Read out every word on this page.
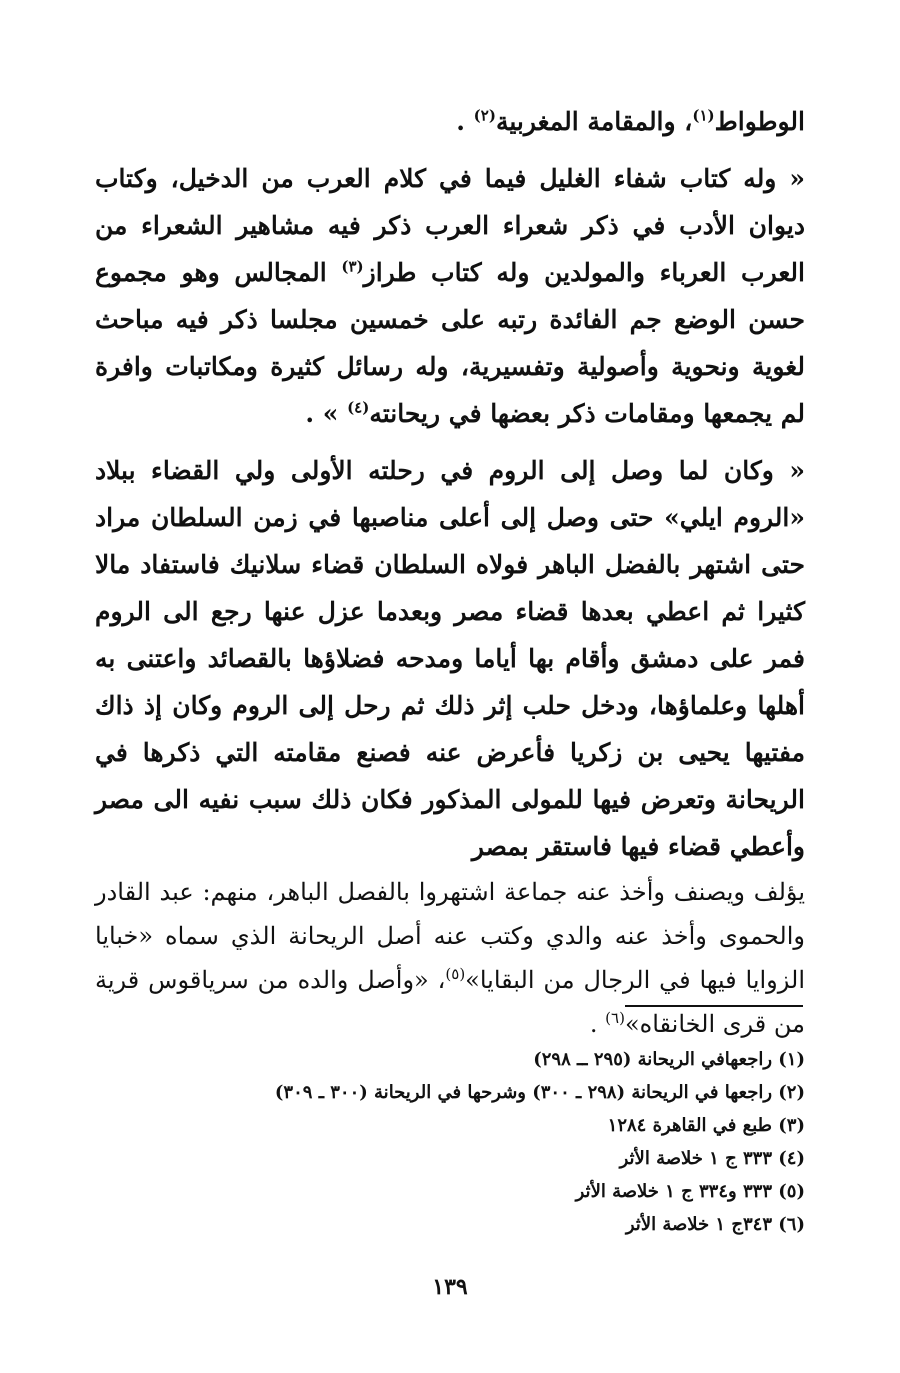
الوطواط$^{(١)}$، والمقامة المغربية$^{(٢)}$ .

« وله كتاب شفاء الغليل فيما في كلام العرب من الدخيل، وكتاب ديوان الأدب في ذكر شعراء العرب ذكر فيه مشاهير الشعراء من العرب العرباء والمولدين وله كتاب طراز$^{(٣)}$ المجالس وهو مجموع حسن الوضع جم الفائدة رتبه على خمسين مجلسا ذكر فيه مباحث لغوية ونحوية وأصولية وتفسيرية، وله رسائل كثيرة ومكاتبات وافرة لم يجمعها ومقامات ذكر بعضها في ريحانته$^{(٤)}$ » .

« وكان لما وصل إلى الروم في رحلته الأولى ولي القضاء ببلاد «الروم ايلي» حتى وصل إلى أعلى مناصبها في زمن السلطان مراد حتى اشتهر بالفضل الباهر فولاه السلطان قضاء سلانيك فاستفاد مالا كثيرا ثم اعطي بعدها قضاء مصر وبعدما عزل عنها رجع الى الروم فمر على دمشق وأقام بها أياما ومدحه فضلاؤها بالقصائد واعتنى به أهلها وعلماؤها، ودخل حلب إثر ذلك ثم رحل إلى الروم وكان إذ ذاك مفتيها يحيى بن زكريا فأعرض عنه فصنع مقامته التي ذكرها في الريحانة وتعرض فيها للمولى المذكور فكان ذلك سبب نفيه الى مصر وأعطي قضاء فيها فاستقر بمصر

يؤلف ويصنف وأخذ عنه جماعة اشتهروا بالفصل الباهر، منهم: عبد القادر والحموى وأخذ عنه والدي وكتب عنه أصل الريحانة الذي سماه «خبايا الزوايا فيها في الرجال من البقايا»$^{(٥)}$، «وأصل والده من سرياقوس قرية من قرى الخانقاه»$^{(٦)}$ .

(١) راجعهافي الريحانة (٢٩٥ ــ ٢٩٨)
(٢) راجعها في الريحانة (٢٩٨ ـ ٣٠٠) وشرحها في الريحانة (٣٠٠ ـ ٣٠٩)
(٣) طبع في القاهرة ١٢٨٤
(٤) ٣٣٣ ج ١ خلاصة الأثر
(٥) ٣٣٣ و٣٣٤ ج ١ خلاصة الأثر
(٦) ٣٤٣ج ١ خلاصة الأثر
١٣٩
